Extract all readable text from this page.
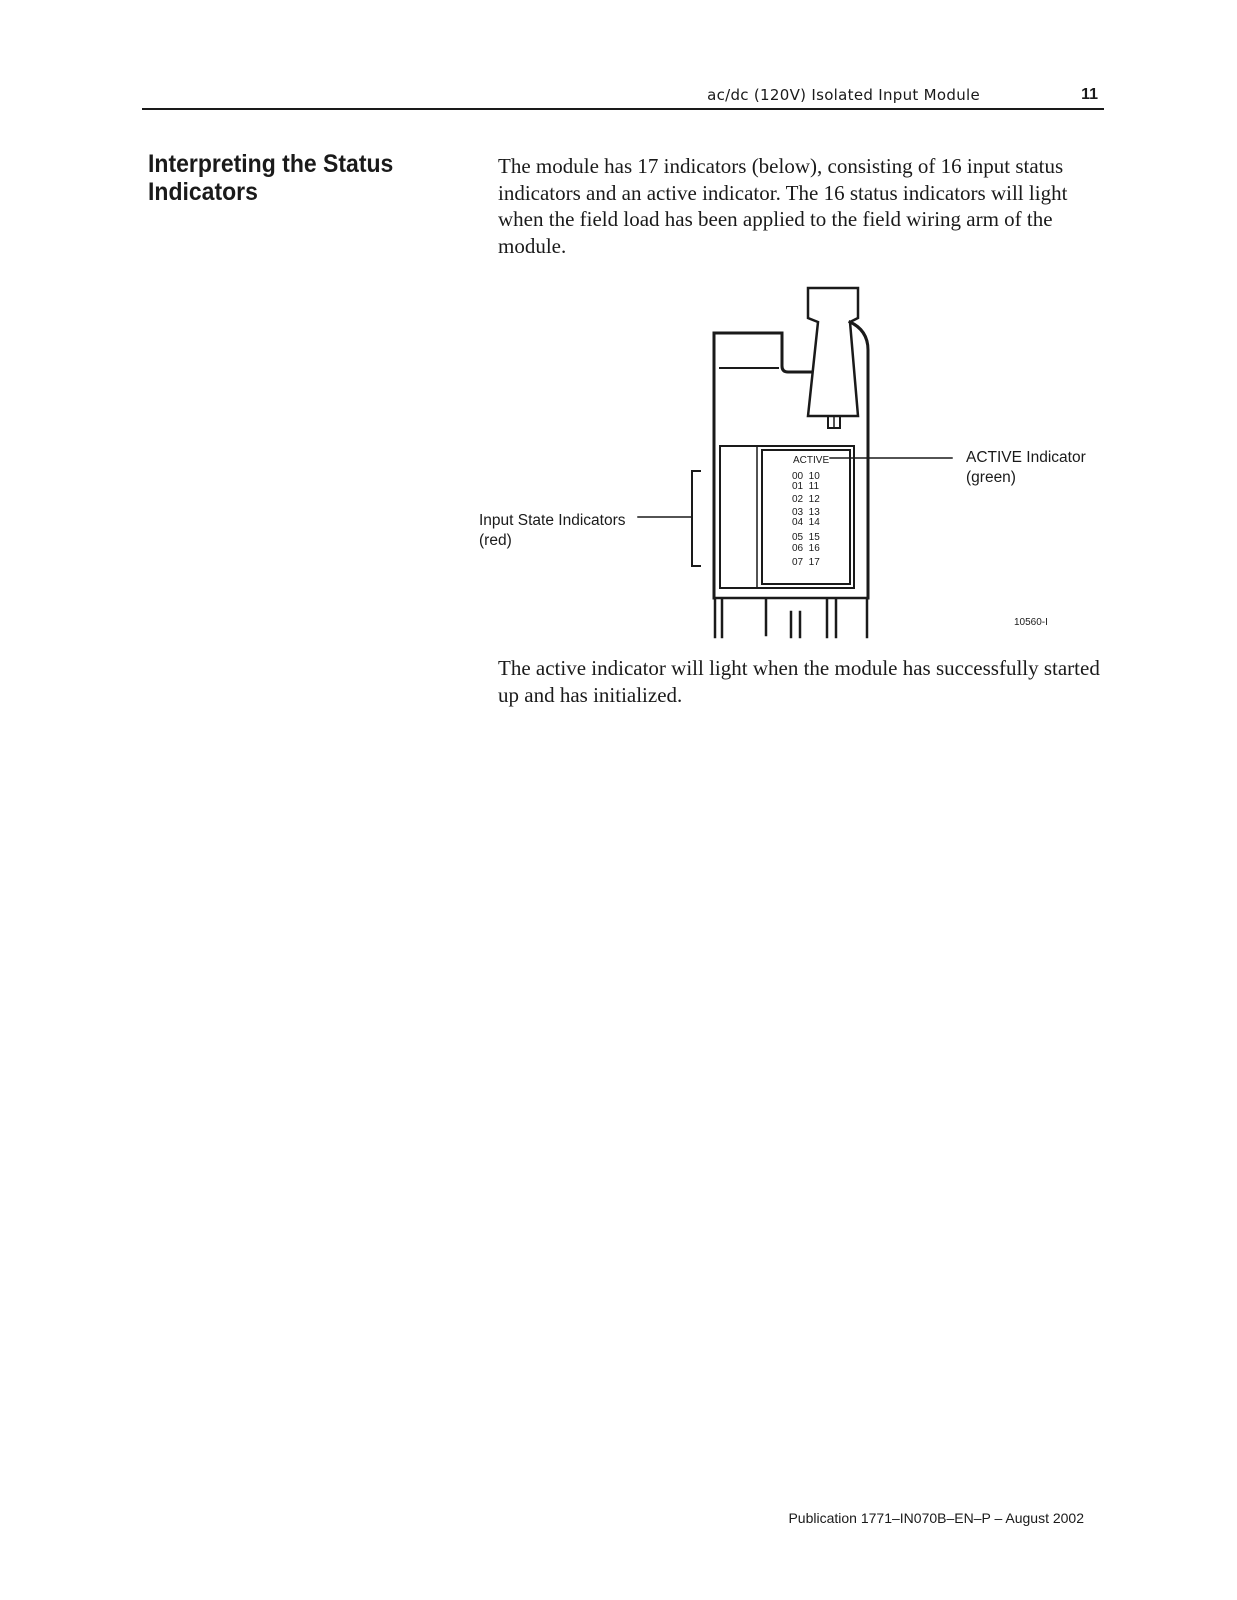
ac/dc (120V) Isolated Input Module	11
Interpreting the Status
Indicators

The module has 17 indicators (below), consisting of 16 input status indicators and an active indicator. The 16 status indicators will light when the field load has been applied to the field wiring arm of the module.

ACTIVE
00  10
01  11
02  12
03  13
04  14
05  15
06  16
07  17
ACTIVE Indicator
(green)
Input State Indicators
(red)
10560-I

The active indicator will light when the module has successfully started up and has initialized.

Publication 1771–IN070B–EN–P – August 2002
